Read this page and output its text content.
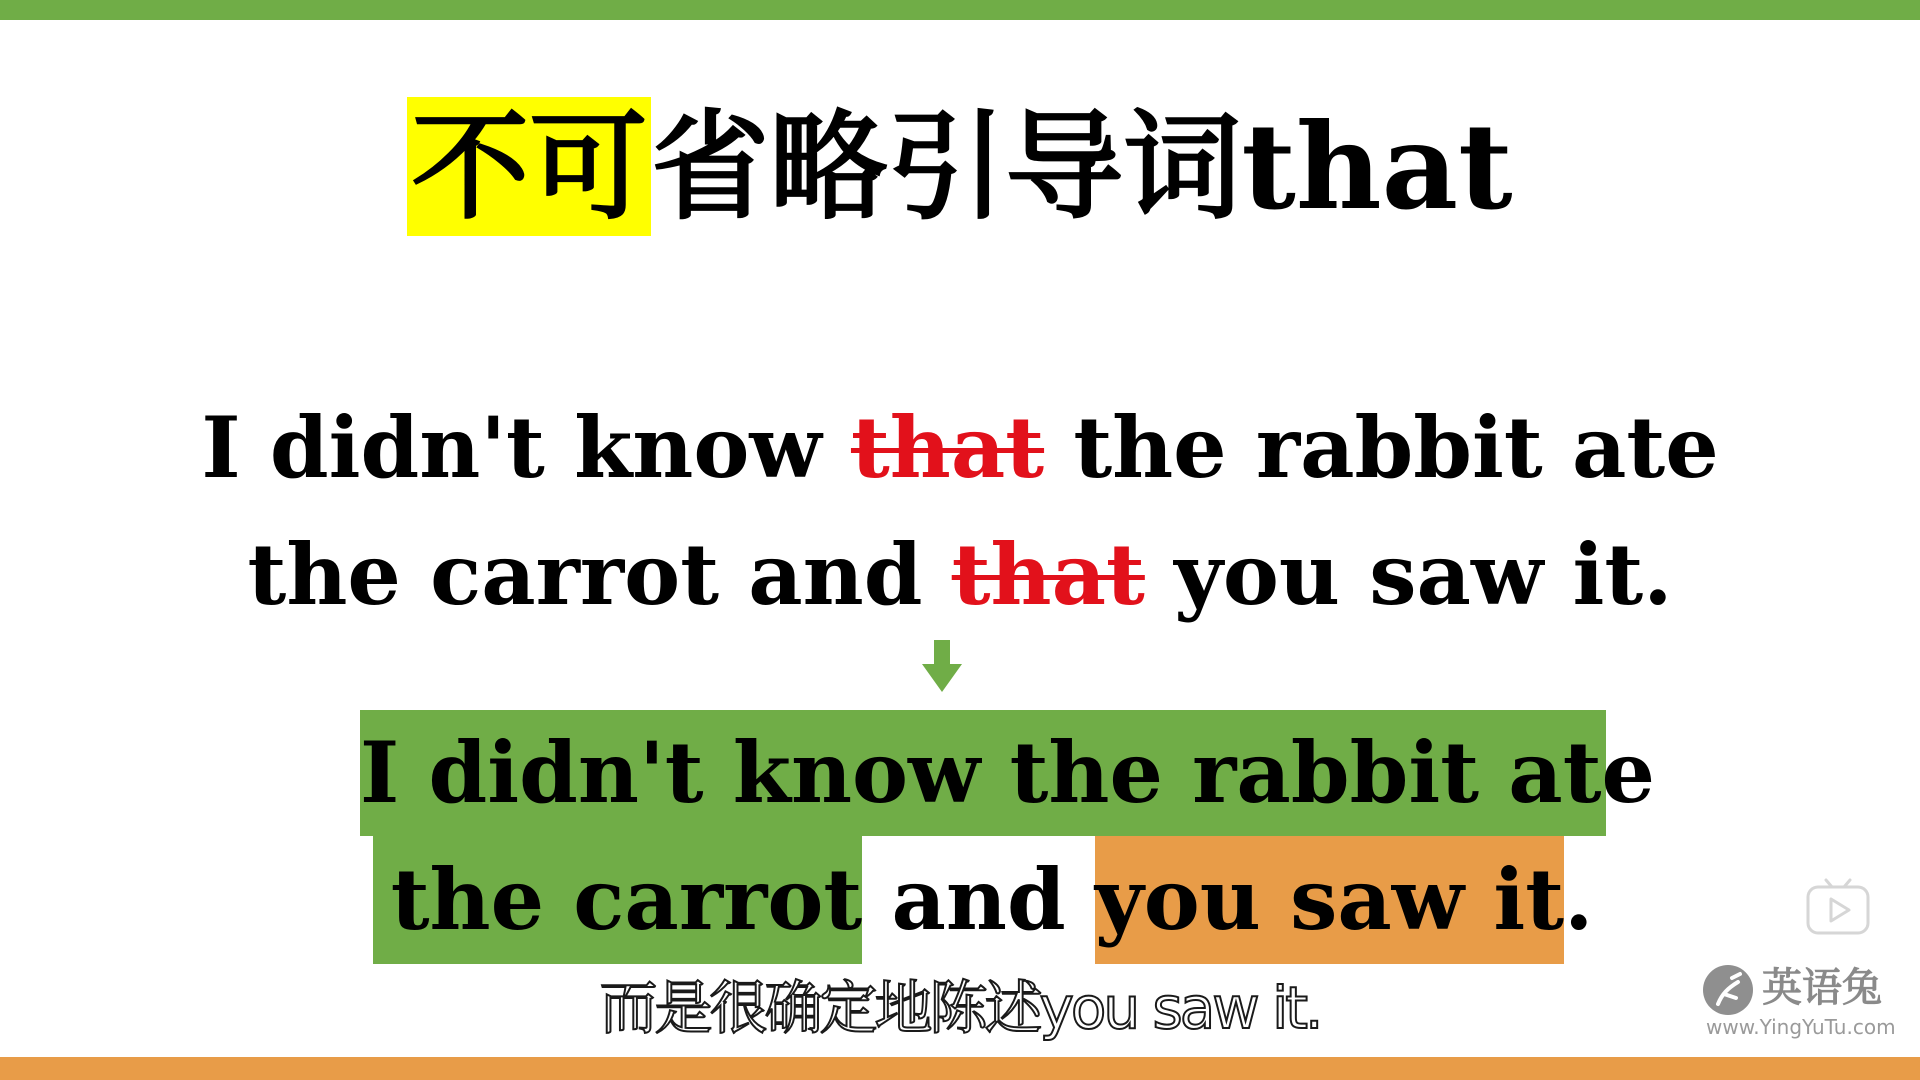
不可省略引导词that
I didn't know that the rabbit ate
the carrot and that you saw it.
I didn't know the rabbit ate
the carrot and you saw it .
而是很确定地陈述you saw it.	英语兔
www.YingYuTu.com
